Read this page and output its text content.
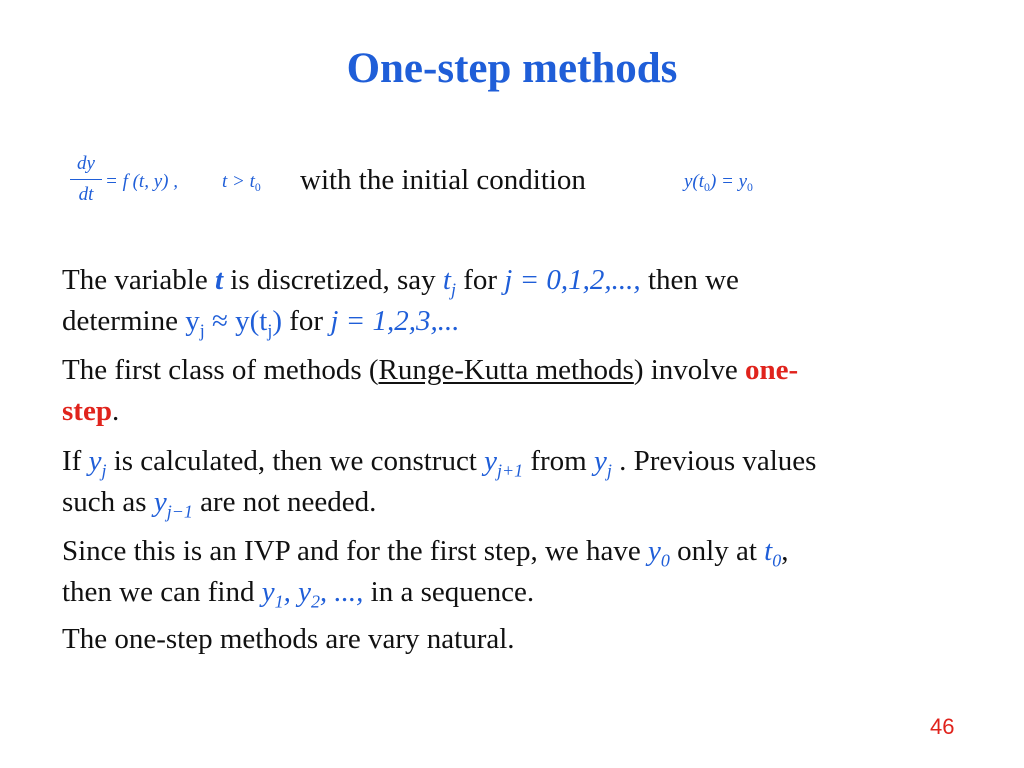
One-step methods
dy
dt
= f (t, y) , $t > t_0$ with the initial condition	$y(t_0) = y_0$
The variable t is discretized, say $t_j$ for j = 0,1,2,..., then we
determine $y_j \approx y(t_j)$ for j = 1,2,3,...
The first class of methods (Runge-Kutta methods) involve one-
step.
If $y_j$ is calculated, then we construct $y_{j+1}$ from $y_j$ . Previous values
such as $y_{j-1}$ are not needed.
Since this is an IVP and for the first step, we have $y_0$ only at $t_0$,
then we can find $y_1$, $y_2$, ..., in a sequence.
The one-step methods are vary natural.
46
